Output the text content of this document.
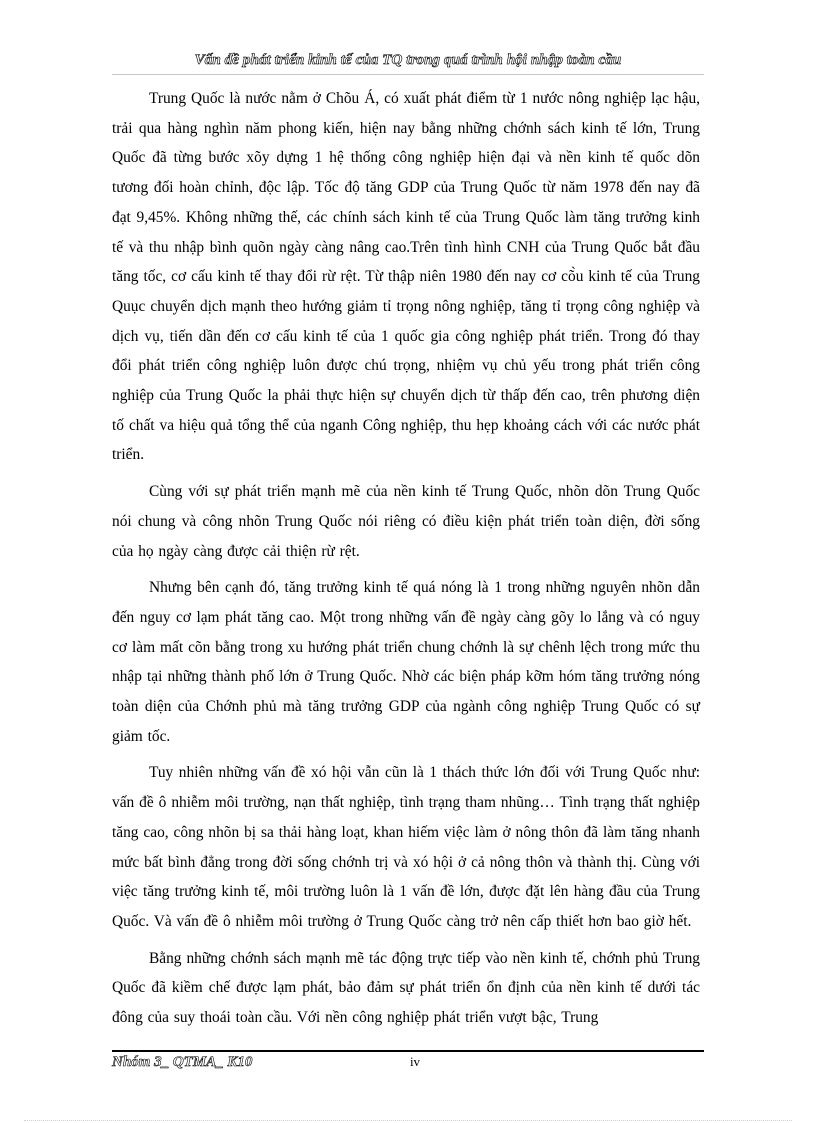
Vấn đề phát triển kinh tế của TQ trong quá trình hội nhập toàn cầu

Trung Quốc là nước nằm ở Chõu Á, có xuất phát điểm từ 1 nước nông nghiệp lạc hậu, trải qua hàng nghìn năm phong kiến, hiện nay bằng những chớnh sách kinh tế lớn, Trung Quốc đã từng bước xõy dựng 1 hệ thống công nghiệp hiện đại và nền kinh tế quốc dõn tương đối hoàn chỉnh, độc lập. Tốc độ tăng GDP của Trung Quốc từ năm 1978 đến nay đã đạt 9,45%. Không những thế, các chính sách kinh tế của Trung Quốc làm tăng trưởng kinh tế và thu nhập bình quõn ngày càng nâng cao.Trên tình hình CNH của Trung Quốc bắt đầu tăng tốc, cơ cấu kinh tế thay đổi rừ rệt. Từ thập niên 1980 đến nay cơ cõ̀u kinh tế của Trung Quục chuyển dịch mạnh theo hướng giảm tỉ trọng nông nghiệp, tăng tỉ trọng công nghiệp và dịch vụ, tiến dần đến cơ cấu kinh tế của 1 quốc gia công nghiệp phát triển. Trong đó thay đổi phát triển công nghiệp luôn được chú trọng, nhiệm vụ chủ yếu trong phát triển công nghiệp của Trung Quốc la phải thực hiện sự chuyển dịch từ thấp đến cao, trên phương diện tố chất va hiệu quả tổng thể của nganh Công nghiệp, thu hẹp khoảng cách với các nước phát triển.

Cùng với sự phát triển mạnh mẽ của nền kinh tế Trung Quốc, nhõn dõn Trung Quốc nói chung và công nhõn Trung Quốc nói riêng có điều kiện phát triển toàn diện, đời sống của họ ngày càng được cải thiện rừ rệt.

Nhưng bên cạnh đó, tăng trưởng kinh tế quá nóng là 1 trong những nguyên nhõn dẫn đến nguy cơ lạm phát tăng cao. Một trong những vấn đề ngày càng gõy lo lắng và có nguy cơ làm mất cõn bằng trong xu hướng phát triển chung chớnh là sự chênh lệch trong mức thu nhập tại những thành phố lớn ở Trung Quốc. Nhờ các biện pháp kỡm hóm tăng trưởng nóng toàn diện của Chớnh phủ mà tăng trưởng GDP của ngành công nghiệp Trung Quốc có sự giảm tốc.

Tuy nhiên những vấn đề xó hội vẫn cũn là 1 thách thức lớn đối với Trung Quốc như: vấn đề ô nhiễm môi trường, nạn thất nghiệp, tình trạng tham nhũng… Tình trạng thất nghiệp tăng cao, công nhõn bị sa thải hàng loạt, khan hiếm việc làm ở nông thôn đã làm tăng nhanh mức bất bình đẳng trong đời sống chớnh trị và xó hội ở cả nông thôn và thành thị. Cùng với việc tăng trưởng kinh tế, môi trường luôn là 1 vấn đề lớn, được đặt lên hàng đầu của Trung Quốc. Và vấn đề ô nhiễm môi trường ở Trung Quốc càng trở nên cấp thiết hơn bao giờ hết.

Bằng những chớnh sách mạnh mẽ tác động trực tiếp vào nền kinh tế, chớnh phủ Trung Quốc đã kiềm chế được lạm phát, bảo đảm sự phát triển ổn định của nền kinh tế dưới tác đông của suy thoái toàn cầu. Với nền công nghiệp phát triển vượt bậc, Trung

Nhóm 3_ QTMA_ K10	iv
